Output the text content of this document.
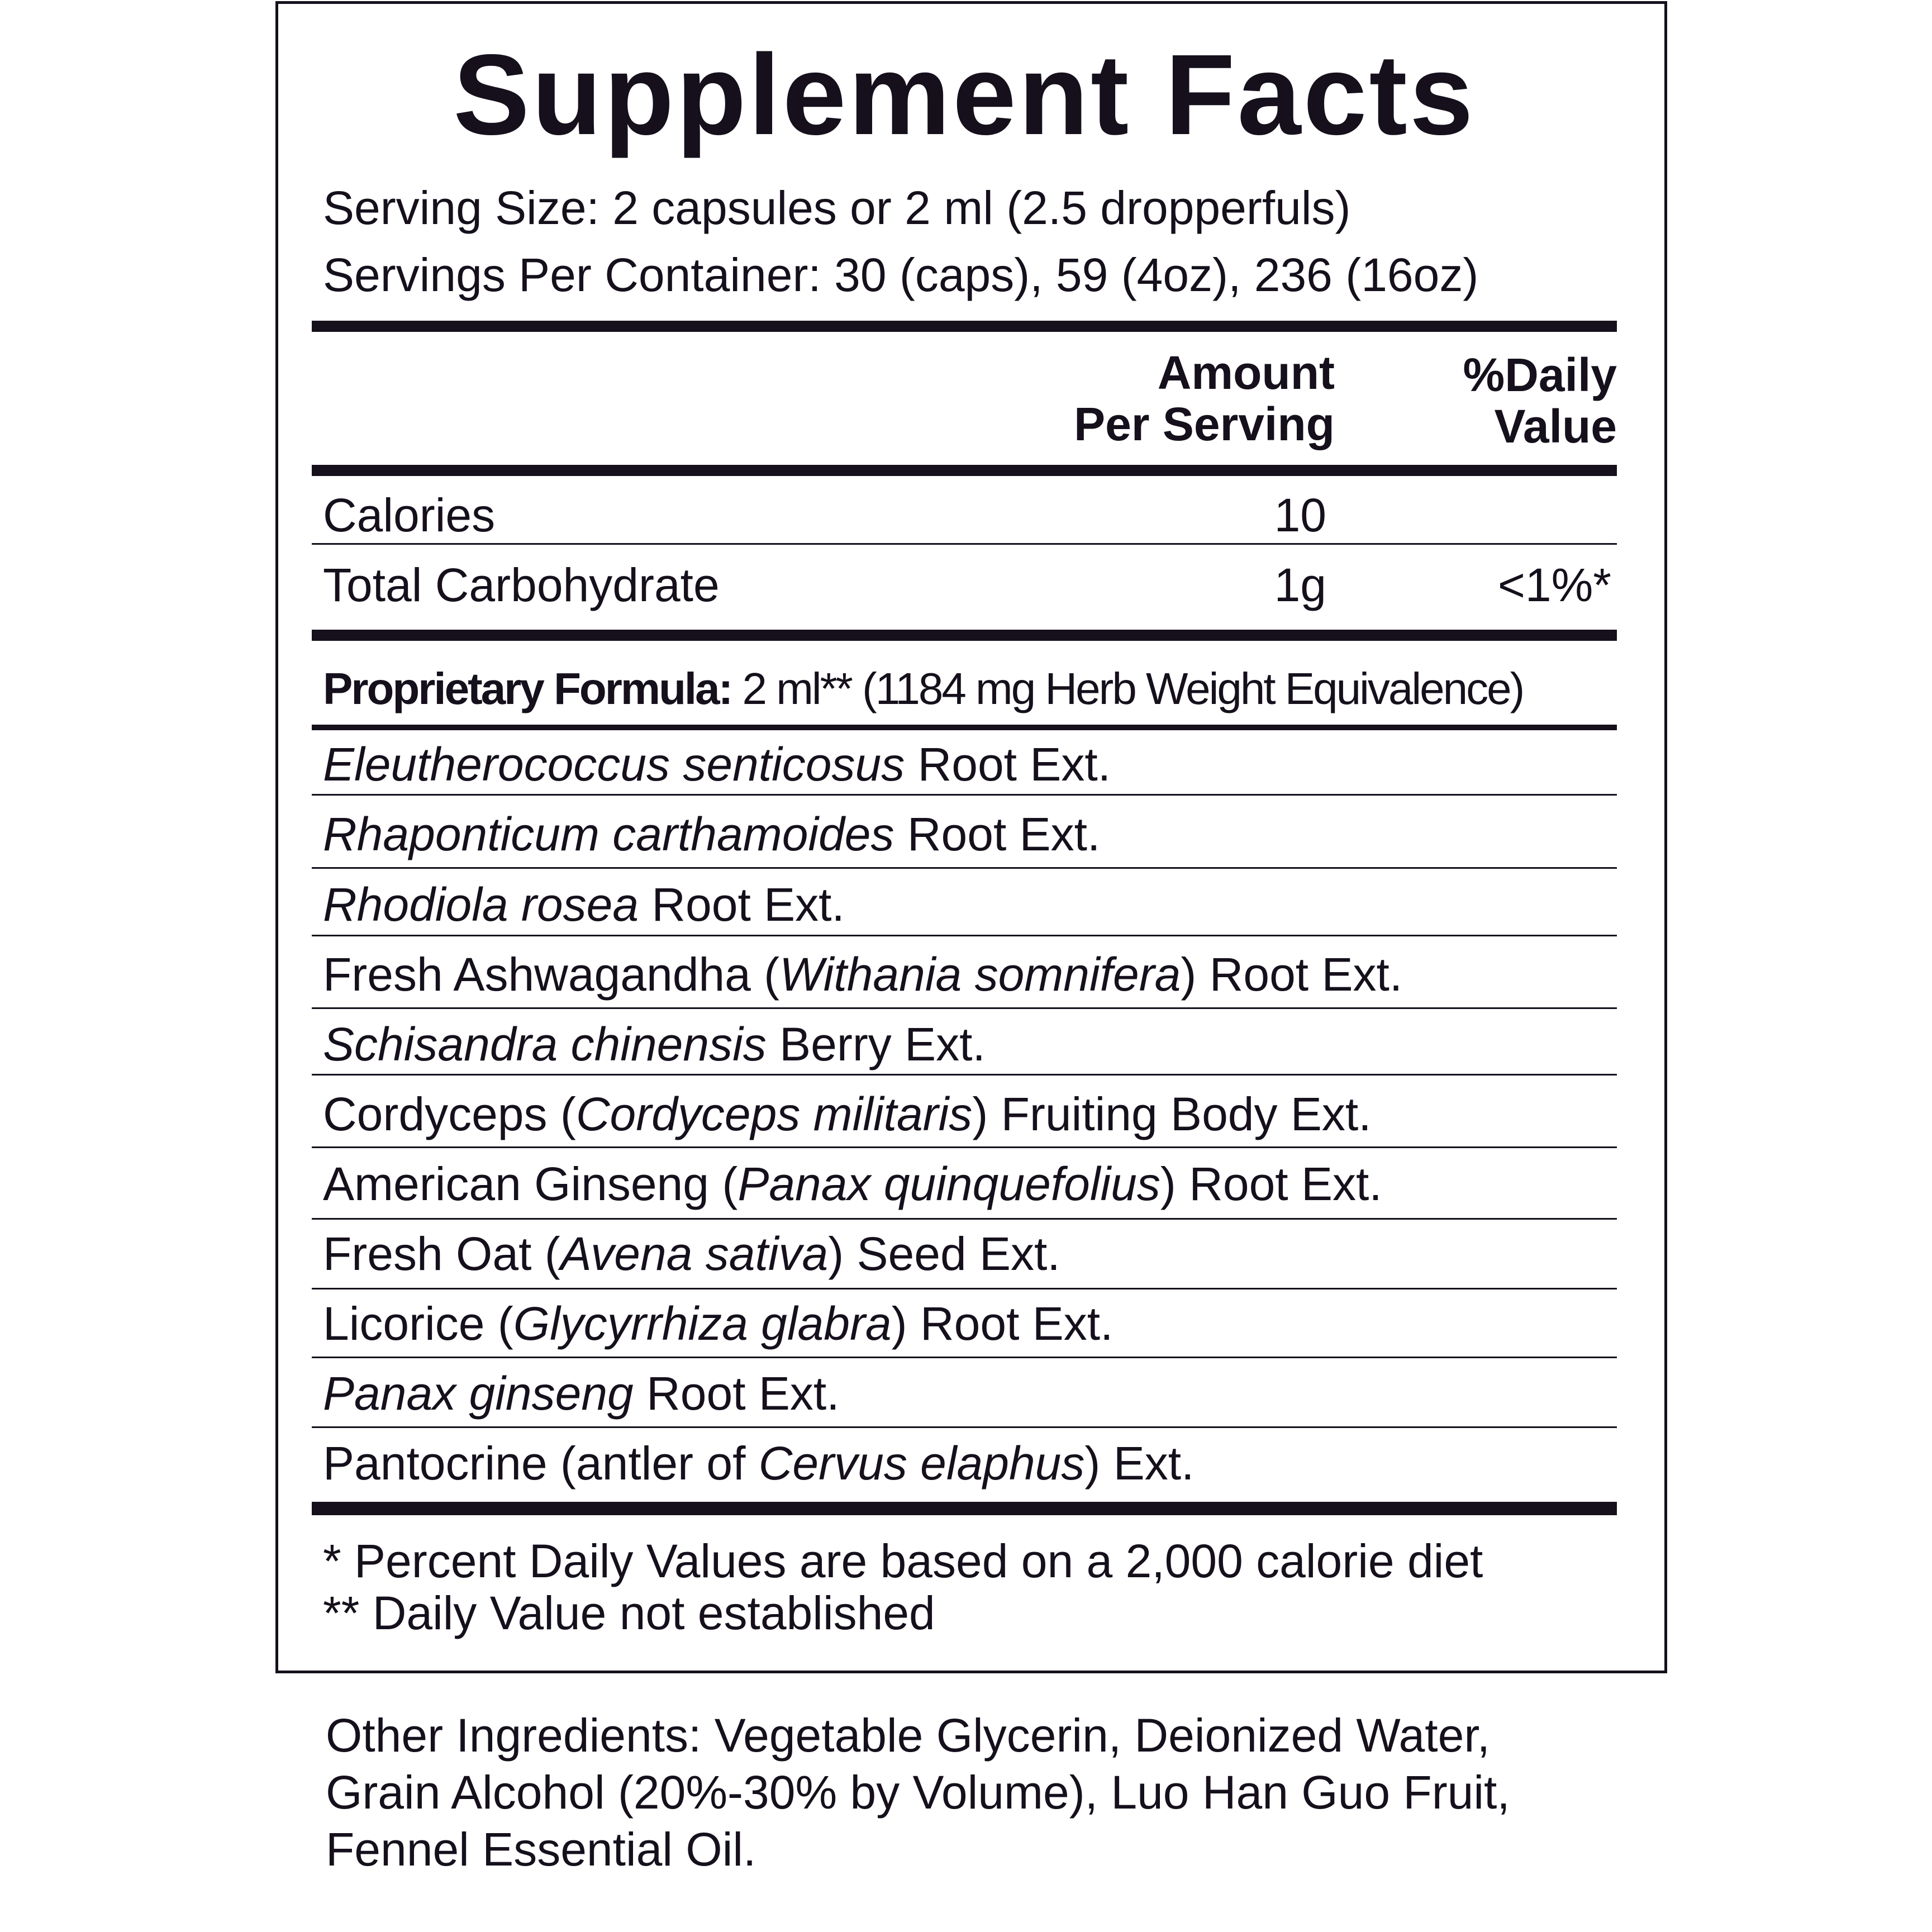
Supplement Facts
Serving Size: 2 capsules or 2 ml (2.5 dropperfuls)
Servings Per Container: 30 (caps), 59 (4oz), 236 (16oz)
Amount
Per Serving
%Daily
Value
Calories	10
Total Carbohydrate	1g	<1%*
Proprietary Formula: 2 ml** (1184 mg Herb Weight Equivalence)
Eleutherococcus senticosus Root Ext.
Rhaponticum carthamoides Root Ext.
Rhodiola rosea Root Ext.
Fresh Ashwagandha (Withania somnifera) Root Ext.
Schisandra chinensis Berry Ext.
Cordyceps (Cordyceps militaris) Fruiting Body Ext.
American Ginseng (Panax quinquefolius) Root Ext.
Fresh Oat (Avena sativa) Seed Ext.
Licorice (Glycyrrhiza glabra) Root Ext.
Panax ginseng Root Ext.
Pantocrine (antler of Cervus elaphus) Ext.
* Percent Daily Values are based on a 2,000 calorie diet
** Daily Value not established
Other Ingredients: Vegetable Glycerin, Deionized Water,
Grain Alcohol (20%-30% by Volume), Luo Han Guo Fruit,
Fennel Essential Oil.
